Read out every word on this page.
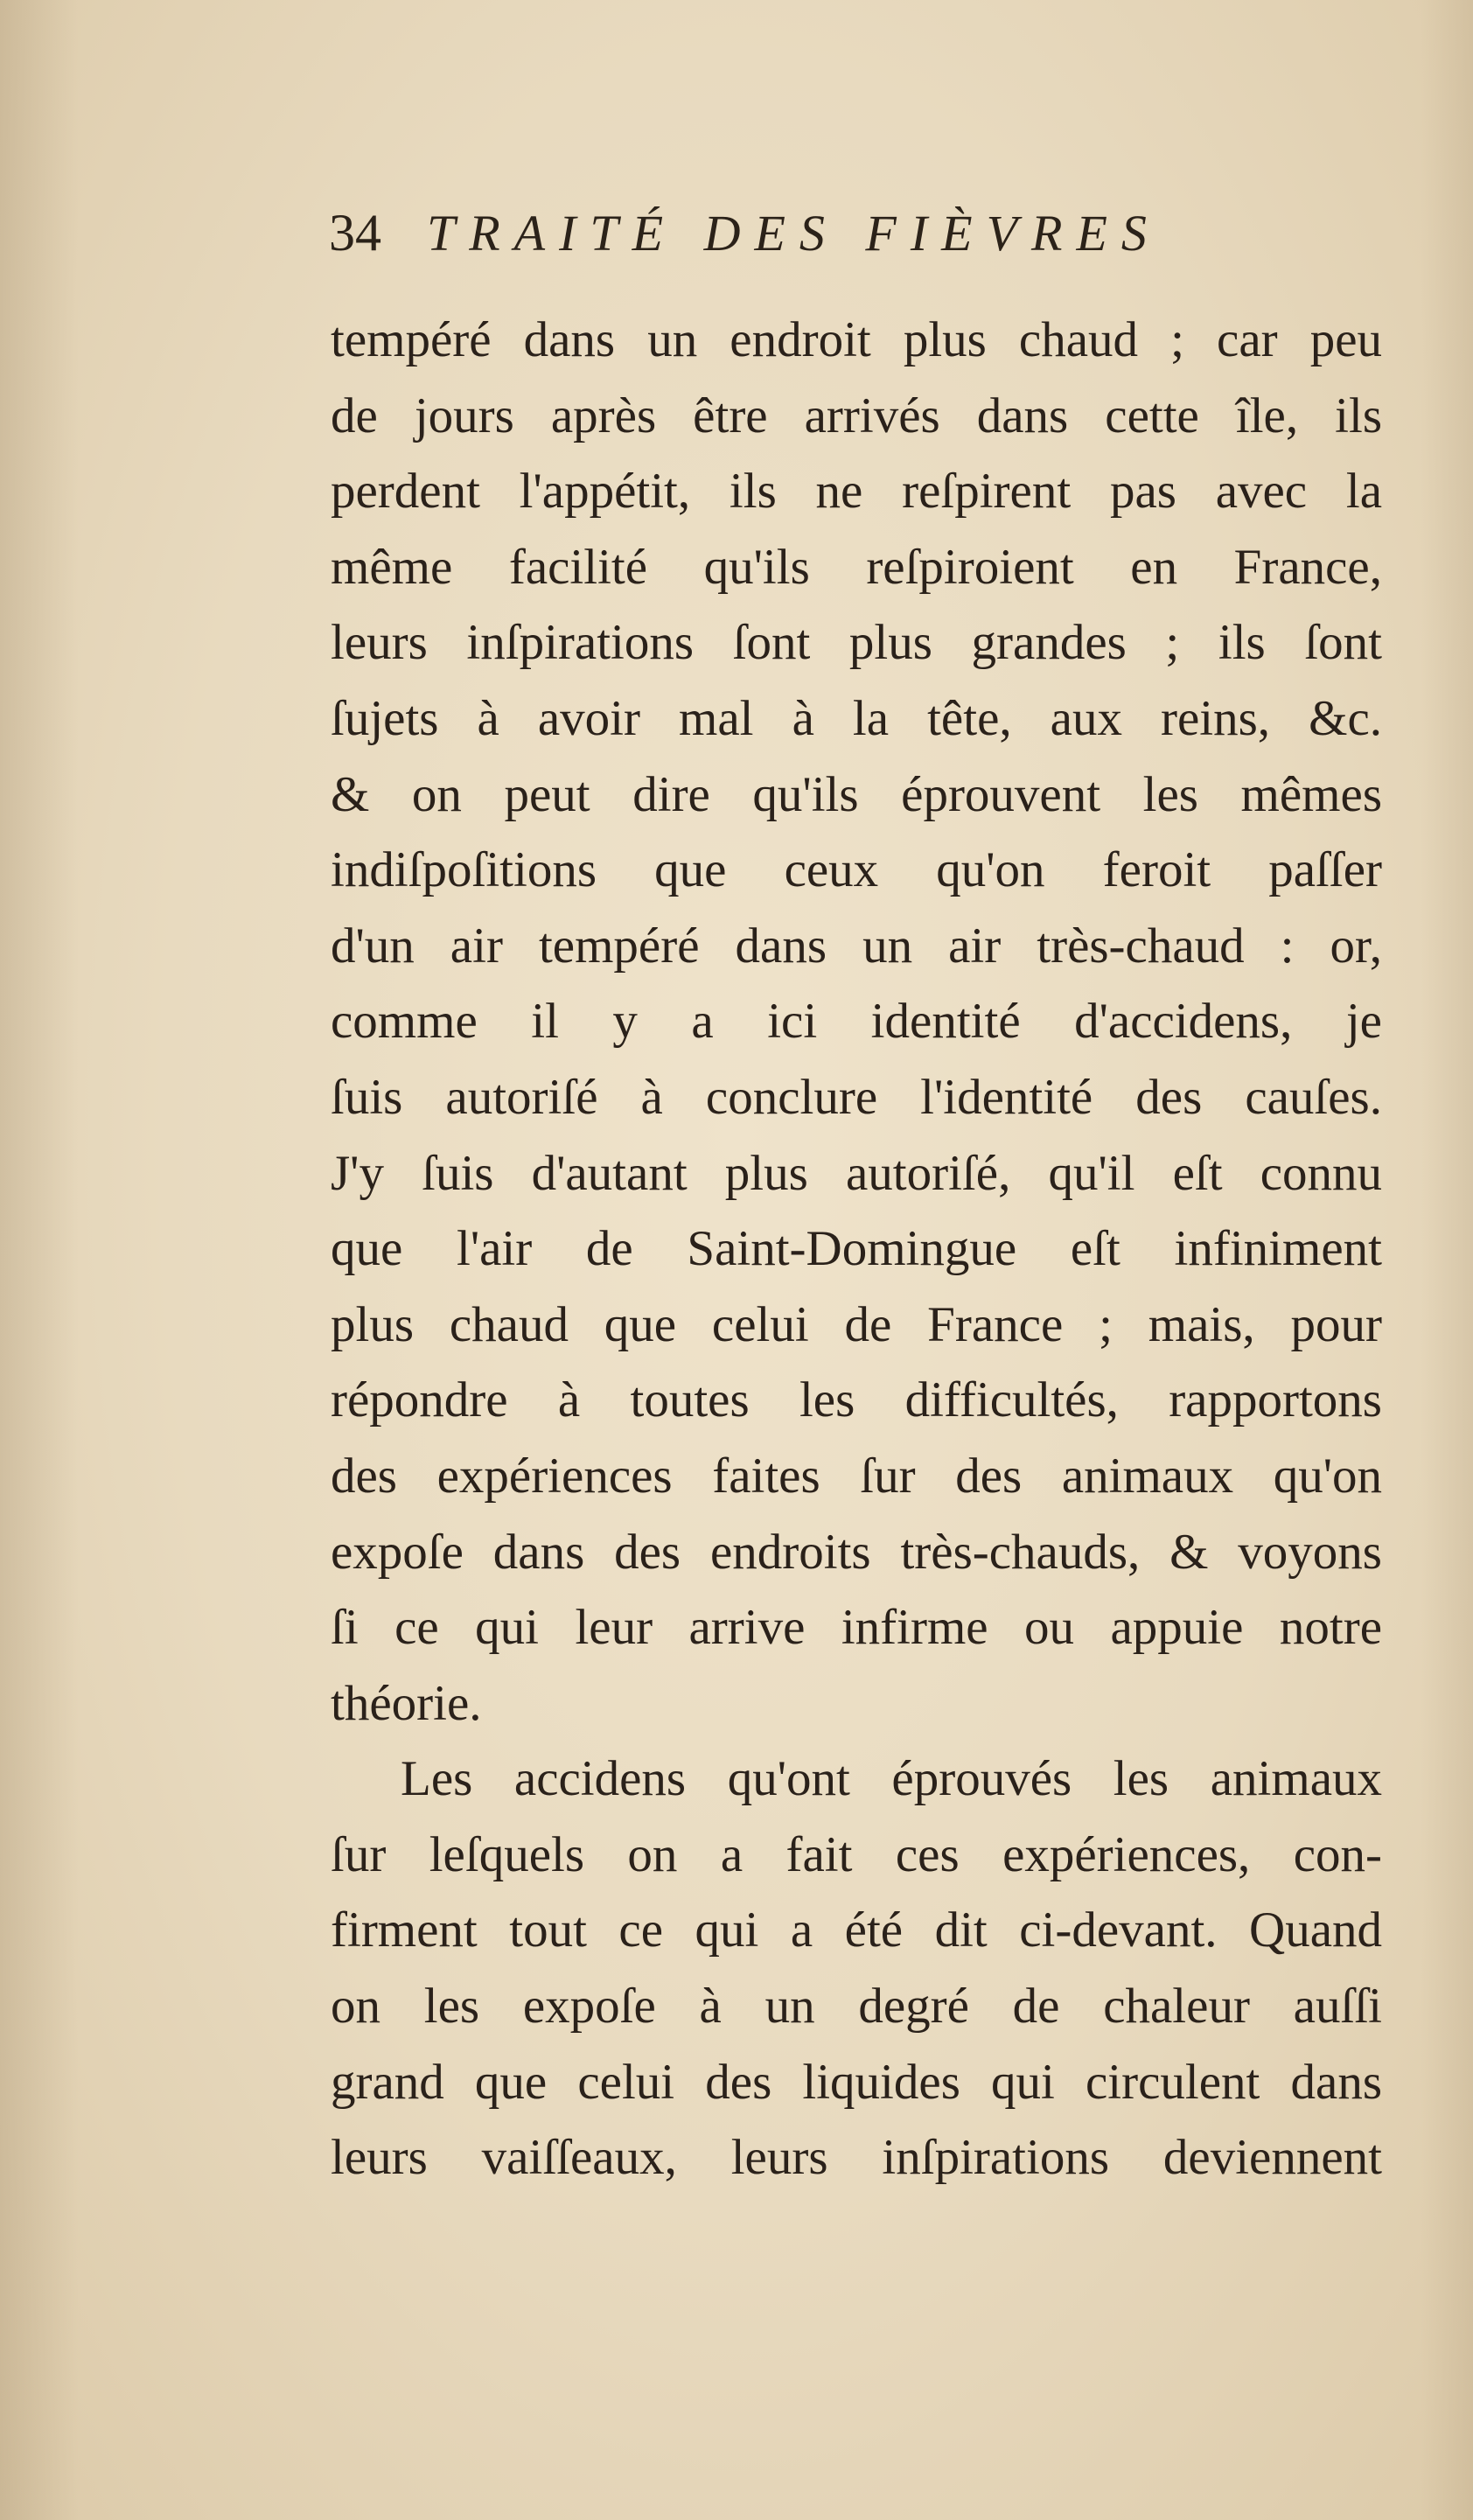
34 TRAITÉ DES FIÈVRES
tempéré dans un endroit plus chaud ; car peu
de jours après être arrivés dans cette île, ils
perdent l'appétit, ils ne reſpirent pas avec la
même facilité qu'ils reſpiroient en France,
leurs inſpirations ſont plus grandes ; ils ſont
ſujets à avoir mal à la tête, aux reins, &c.
& on peut dire qu'ils éprouvent les mêmes
indiſpoſitions que ceux qu'on feroit paſſer
d'un air tempéré dans un air très-chaud : or,
comme il y a ici identité d'accidens, je
ſuis autoriſé à conclure l'identité des cauſes.
J'y ſuis d'autant plus autoriſé, qu'il eſt connu
que l'air de Saint-Domingue eſt infiniment
plus chaud que celui de France ; mais, pour
répondre à toutes les difficultés, rapportons
des expériences faites ſur des animaux qu'on
expoſe dans des endroits très-chauds, & voyons
ſi ce qui leur arrive infirme ou appuie notre
théorie.
Les accidens qu'ont éprouvés les animaux
ſur leſquels on a fait ces expériences, con-
firment tout ce qui a été dit ci-devant. Quand
on les expoſe à un degré de chaleur auſſi
grand que celui des liquides qui circulent dans
leurs vaiſſeaux, leurs inſpirations deviennent
